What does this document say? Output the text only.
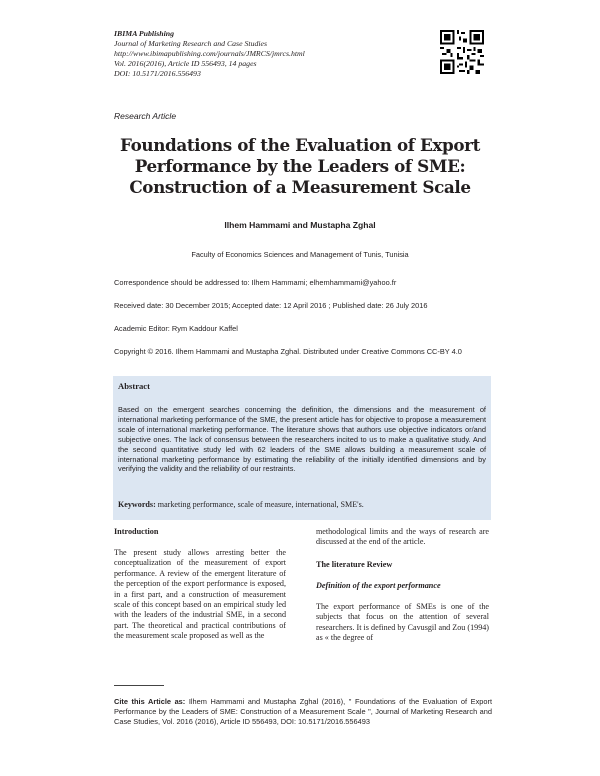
IBIMA Publishing
Journal of Marketing Research and Case Studies
http://www.ibimapublishing.com/journals/JMRCS/jmrcs.html
Vol. 2016(2016), Article ID 556493, 14 pages
DOI: 10.5171/2016.556493
Research Article
Foundations of the Evaluation of Export
Performance by the Leaders of SME:
Construction of a Measurement Scale
Ilhem Hammami and Mustapha Zghal
Faculty of Economics Sciences and Management of Tunis, Tunisia
Correspondence should be addressed to: Ilhem Hammami; elhemhammami@yahoo.fr
Received date: 30 December 2015; Accepted date: 12 April 2016 ; Published date: 26 July 2016
Academic Editor: Rym Kaddour Kaffel
Copyright © 2016. Ilhem Hammami and Mustapha Zghal. Distributed under Creative Commons CC-BY 4.0
Abstract
Based on the emergent searches concerning the definition, the dimensions and the measurement of international marketing performance of the SME, the present article has for objective to propose a measurement scale of international marketing performance. The literature shows that authors use objective indicators or/and subjective ones. The lack of consensus between the researchers incited to us to make a qualitative study. And the second quantitative study led with 62 leaders of the SME allows building a measurement scale of international marketing performance by estimating the reliability of the initially identified dimensions and by verifying the validity and the reliability of our restraints.
Keywords: marketing performance, scale of measure, international, SME's.
Introduction
The present study allows arresting better the conceptualization of the measurement of export performance. A review of the emergent literature of the perception of the export performance is exposed, in a first part, and a construction of measurement scale of this concept based on an empirical study led with the leaders of the industrial SME, in a second part. The theoretical and practical contributions of the measurement scale proposed as well as the
methodological limits and the ways of research are discussed at the end of the article.
The literature Review
Definition of the export performance
The export performance of SMEs is one of the subjects that focus on the attention of several researchers. It is defined by Cavusgil and Zou (1994) as « the degree of
Cite this Article as: Ilhem Hammami and Mustapha Zghal (2016), " Foundations of the Evaluation of Export Performance by the Leaders of SME: Construction of a Measurement Scale ", Journal of Marketing Research and Case Studies, Vol. 2016 (2016), Article ID 556493, DOI: 10.5171/2016.556493
